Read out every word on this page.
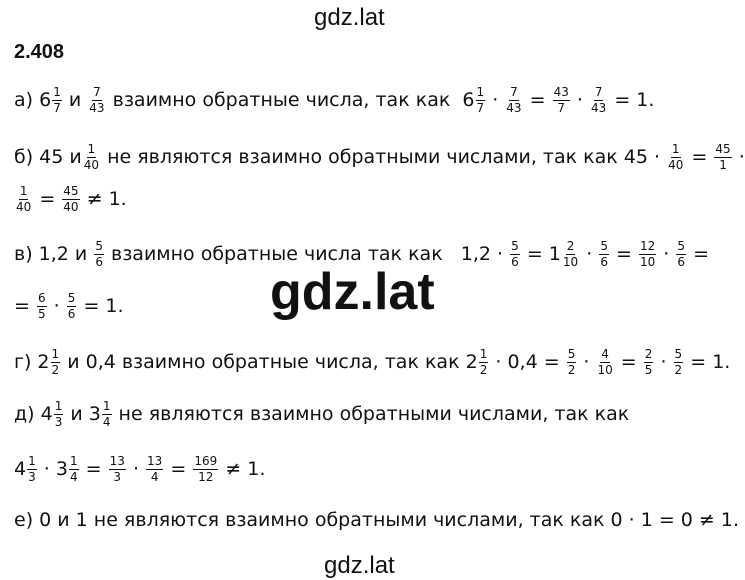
gdz.lat
2.408
а) $6 \frac{1}{7}$ и $\frac{7}{43}$ взаимно обратные числа, так как $6 \frac{1}{7} \cdot \frac{7}{43} = \frac{43}{7} \cdot \frac{7}{43} = 1$.
б) 45 и $\frac{1}{40}$ не являются взаимно обратными числами, так как $45 \cdot \frac{1}{40} = \frac{45}{1}$ ·
$\frac{1}{40} = \frac{45}{40} \ne 1$.
в) 1,2 и $\frac{5}{6}$ взаимно обратные числа так как $1,2 \cdot \frac{5}{6} = 1 \frac{2}{10} \cdot \frac{5}{6} = \frac{12}{10} \cdot \frac{5}{6}$ =
= $\frac{6}{5} \cdot \frac{5}{6} = 1$.	gdz.lat
г) $2 \frac{1}{2}$ и 0,4 взаимно обратные числа, так как $2 \frac{1}{2} \cdot 0,4 = \frac{5}{2} \cdot \frac{4}{10} = \frac{2}{5} \cdot \frac{5}{2} = 1$.
д) $4 \frac{1}{3}$ и $3 \frac{1}{4}$ не являются взаимно обратными числами, так как
$4 \frac{1}{3} \cdot 3 \frac{1}{4} = \frac{13}{3} \cdot \frac{13}{4} = \frac{169}{12} \ne 1$.
е) 0 и 1 не являются взаимно обратными числами, так как 0 · 1 = 0 ≠ 1.
gdz.lat
